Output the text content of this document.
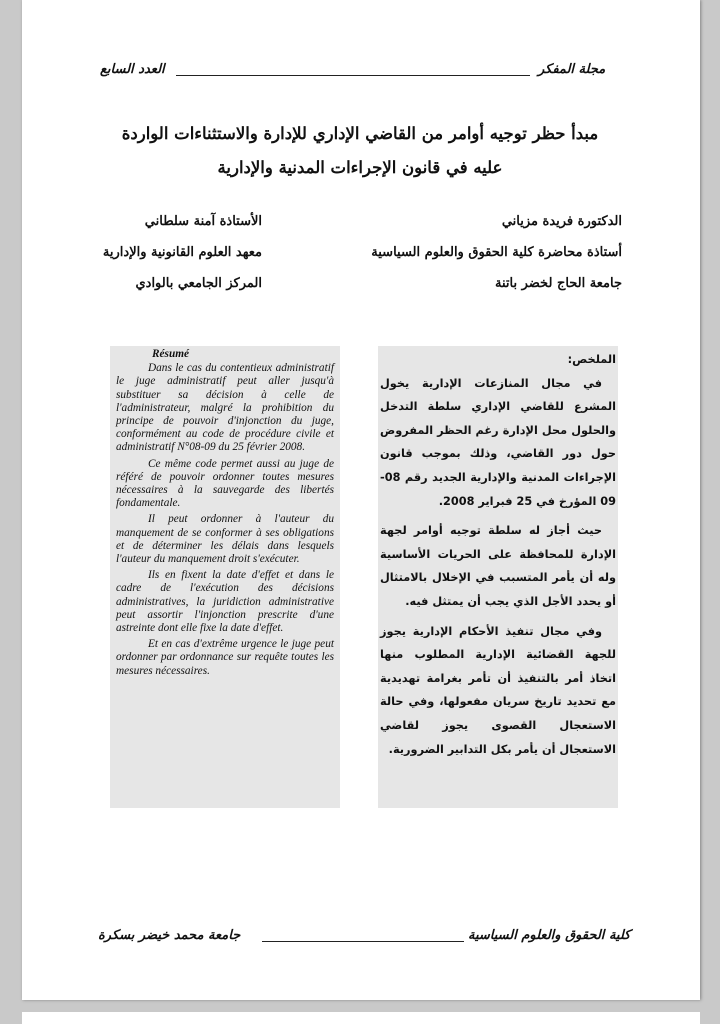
العدد السابع	مجلة المفكر
مبدأ حظر توجيه أوامر من القاضي الإداري للإدارة والاستثناءات الواردة
عليه في قانون الإجراءات المدنية والإدارية
الدكتورة فريدة مزياني
أستاذة محاضرة كلية الحقوق والعلوم السياسية
جامعة الحاج لخضر باتنة
الأستاذة آمنة سلطاني
معهد العلوم القانونية والإدارية
المركز الجامعي بالوادي
Résumé

Dans le cas du contentieux administratif le juge administratif peut aller jusqu'à substituer sa décision à celle de l'administrateur, malgré la prohibition du principe de pouvoir d'injonction du juge, conformément au code de procédure civile et administratif N°08-09 du 25 février 2008.

Ce même code permet aussi au juge de référé de pouvoir ordonner toutes mesures nécessaires à la sauvegarde des libertés fondamentale.

Il peut ordonner à l'auteur du manquement de se conformer à ses obligations et de déterminer les délais dans lesquels l'auteur du manquement droit s'exécuter.

Ils en fixent la date d'effet et dans le cadre de l'exécution des décisions administratives, la juridiction administrative peut assortir l'injonction prescrite d'une astreinte dont elle fixe la date d'effet.

Et en cas d'extrême urgence le juge peut ordonner par ordonnance sur requête toutes les mesures nécessaires.

الملخص:

في مجال المنازعات الإدارية يخول المشرع للقاضي الإداري سلطة التدخل والحلول محل الإدارة رغم الحظر المفروض حول دور القاضي، وذلك بموجب قانون الإجراءات المدنية والإدارية الجديد رقم 08-09 المؤرخ في 25 فبراير 2008.

حيث أجاز له سلطة توجيه أوامر لجهة الإدارة للمحافظة على الحريات الأساسية وله أن يأمر المتسبب في الإخلال بالامتثال أو يحدد الأجل الذي يجب أن يمتثل فيه.

وفي مجال تنفيذ الأحكام الإدارية يجوز للجهة القضائية الإدارية المطلوب منها اتخاذ أمر بالتنفيذ أن تأمر بغرامة تهديدية مع تحديد تاريخ سريان مفعولها، وفي حالة الاستعجال القصوى يجوز لقاضي الاستعجال أن يأمر بكل التدابير الضرورية.

جامعة محمد خيضر بسكرة	كلية الحقوق والعلوم السياسية
